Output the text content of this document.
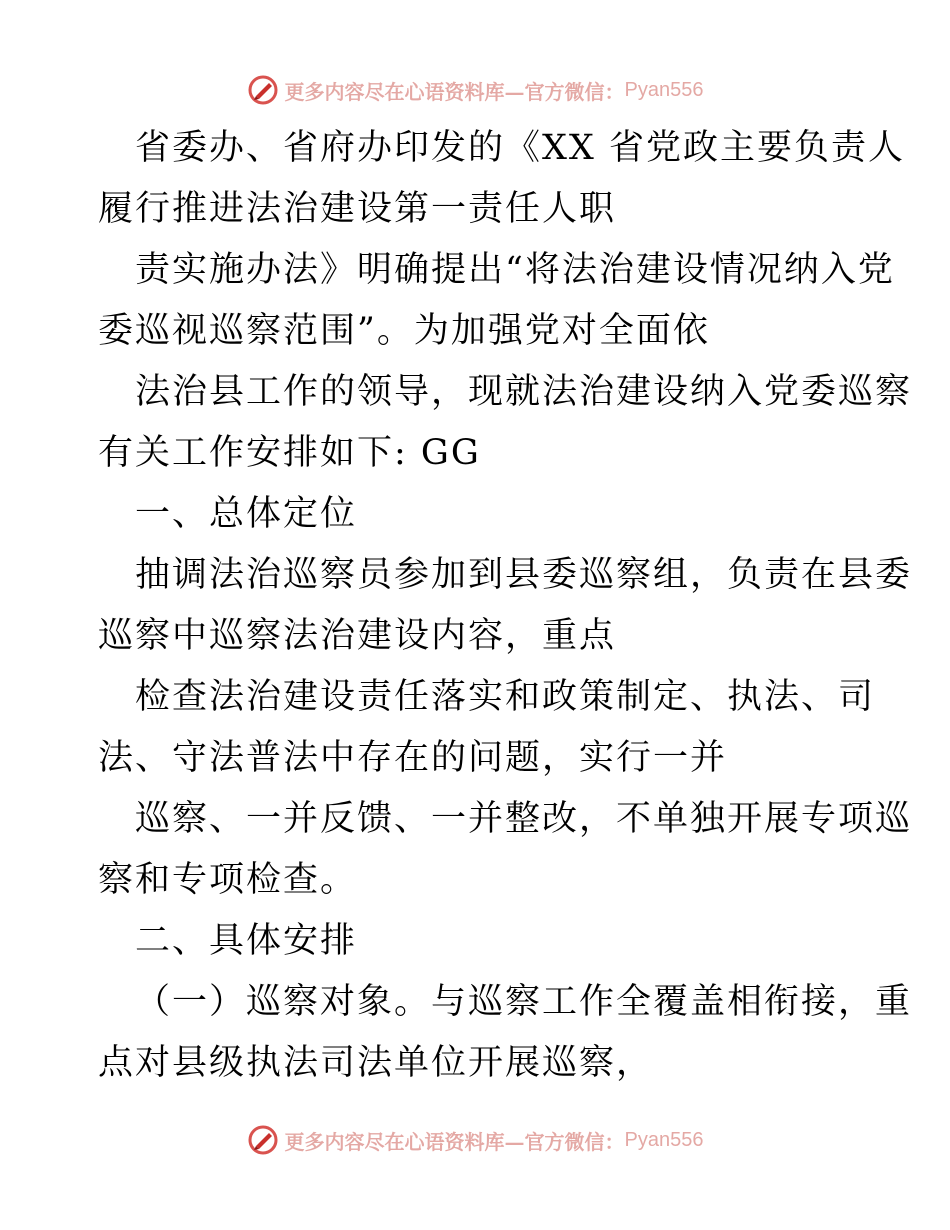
更多内容尽在心语资料库—官方微信： Pyan556
省委办、省府办印发的《XX 省党政主要负责人
履行推进法治建设第一责任人职
责实施办法》明确提出“将法治建设情况纳入党
委巡视巡察范围”。为加强党对全面依
法治县工作的领导，现就法治建设纳入党委巡察
有关工作安排如下: GG
一、总体定位
抽调法治巡察员参加到县委巡察组，负责在县委
巡察中巡察法治建设内容，重点
检查法治建设责任落实和政策制定、执法、司
法、守法普法中存在的问题，实行一并
巡察、一并反馈、一并整改，不单独开展专项巡
察和专项检查。
二、具体安排
（一）巡察对象。与巡察工作全覆盖相衔接，重
点对县级执法司法单位开展巡察，
更多内容尽在心语资料库—官方微信： Pyan556
